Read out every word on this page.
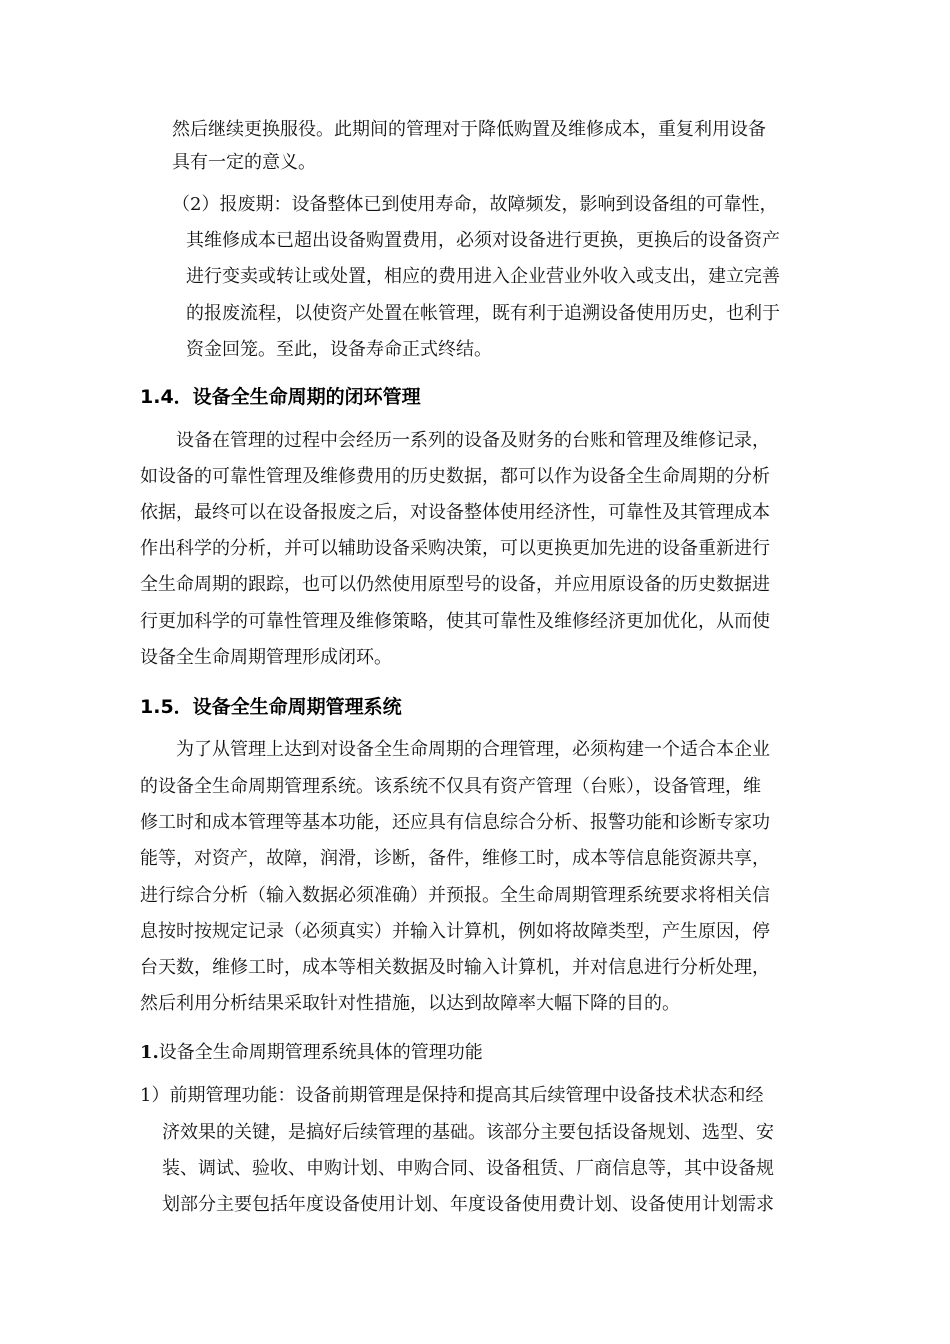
然后继续更换服役。此期间的管理对于降低购置及维修成本，重复利用设备

具有一定的意义。

（2）报废期：设备整体已到使用寿命，故障频发，影响到设备组的可靠性，

其维修成本已超出设备购置费用，必须对设备进行更换，更换后的设备资产

进行变卖或转让或处置，相应的费用进入企业营业外收入或支出，建立完善

的报废流程，以使资产处置在帐管理，既有利于追溯设备使用历史，也利于

资金回笼。至此，设备寿命正式终结。

1.4．设备全生命周期的闭环管理

设备在管理的过程中会经历一系列的设备及财务的台账和管理及维修记录，

如设备的可靠性管理及维修费用的历史数据，都可以作为设备全生命周期的分析

依据，最终可以在设备报废之后，对设备整体使用经济性，可靠性及其管理成本

作出科学的分析，并可以辅助设备采购决策，可以更换更加先进的设备重新进行

全生命周期的跟踪，也可以仍然使用原型号的设备，并应用原设备的历史数据进

行更加科学的可靠性管理及维修策略，使其可靠性及维修经济更加优化，从而使

设备全生命周期管理形成闭环。

1.5．设备全生命周期管理系统

为了从管理上达到对设备全生命周期的合理管理，必须构建一个适合本企业

的设备全生命周期管理系统。该系统不仅具有资产管理（台账），设备管理，维

修工时和成本管理等基本功能，还应具有信息综合分析、报警功能和诊断专家功

能等，对资产，故障，润滑，诊断，备件，维修工时，成本等信息能资源共享，

进行综合分析（输入数据必须准确）并预报。全生命周期管理系统要求将相关信

息按时按规定记录（必须真实）并输入计算机，例如将故障类型，产生原因，停

台天数，维修工时，成本等相关数据及时输入计算机，并对信息进行分析处理，

然后利用分析结果采取针对性措施，以达到故障率大幅下降的目的。

1.设备全生命周期管理系统具体的管理功能

1）前期管理功能：设备前期管理是保持和提高其后续管理中设备技术状态和经

济效果的关键，是搞好后续管理的基础。该部分主要包括设备规划、选型、安

装、调试、验收、申购计划、申购合同、设备租赁、厂商信息等，其中设备规

划部分主要包括年度设备使用计划、年度设备使用费计划、设备使用计划需求
